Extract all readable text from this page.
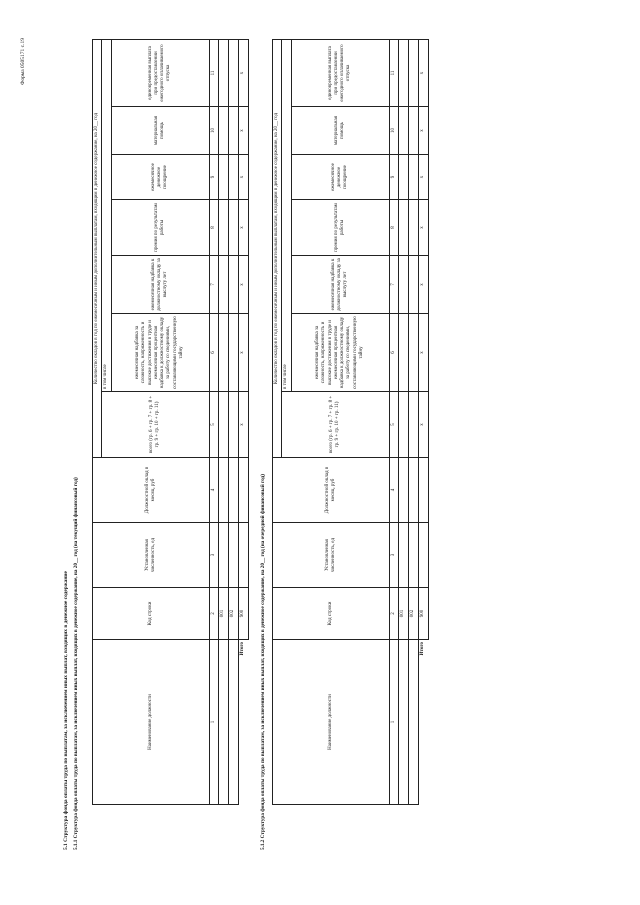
Форма 0505171 с.19
5.1 Структура фонда оплаты труда по выплатам, за исключением иных выплат, входящих в денежное содержание 5.1.1 Структура фонда оплаты труда по выплатам, за исключением иных выплат, входящих в денежное содержание, на 20__ год (на текущий финансовый год)	Наименование должности	Код строки	Установленная численность, ед	Должностной оклад в месяц, руб	Количество окладов в год по ежемесячным и иным дополнительным выплатам, входящим в денежное содержание, на 20__ год						
				всего (гр. 6 + гр. 7 + гр. 8 + гр. 9 + гр. 10 + гр. 11)	в том числе					
					ежемесячная надбавка за сложность, напряженность и высокие достижения в труде и ежемесячная процентная надбавка к должностному окладу за работу со сведениями, составляющими государственную тайну	ежемесячная надбавка к должностному окладу за выслугу лет	премия по результатам работы	ежемесячное денежное поощрение	материальная помощь	единовременная выплата при предоставлении ежегодного оплачиваемого отпуска
1	2	3	4	5	6	7	8	9	10	11
	001									
	002									
Итого	900			х	х	х	х	х	х	х
5.1.2 Структура фонда оплаты труда по выплатам, за исключением иных выплат, входящих в денежное содержание, на 20__ год (на очередной финансовый год)	Наименование должности	Код строки	Установленная численность, ед	Должностной оклад в месяц, руб	Количество окладов в год по ежемесячным и иным дополнительным выплатам, входящим в денежное содержание, на 20__ год						
				всего (гр. 6 + гр. 7 + гр. 8 + гр. 9 + гр. 10 + гр. 11)	в том числе					
					ежемесячная надбавка за сложность, напряженность и высокие достижения в труде и ежемесячная процентная надбавка к должностному окладу за работу со сведениями, составляющими государственную тайну	ежемесячная надбавка к должностному окладу за выслугу лет	премия по результатам работы	ежемесячное денежное поощрение	материальная помощь	единовременная выплата при предоставлении ежегодного оплачиваемого отпуска
1	2	3	4	5	6	7	8	9	10	11
	001									
	002									
Итого	900			х	х	х	х	х	х	х
